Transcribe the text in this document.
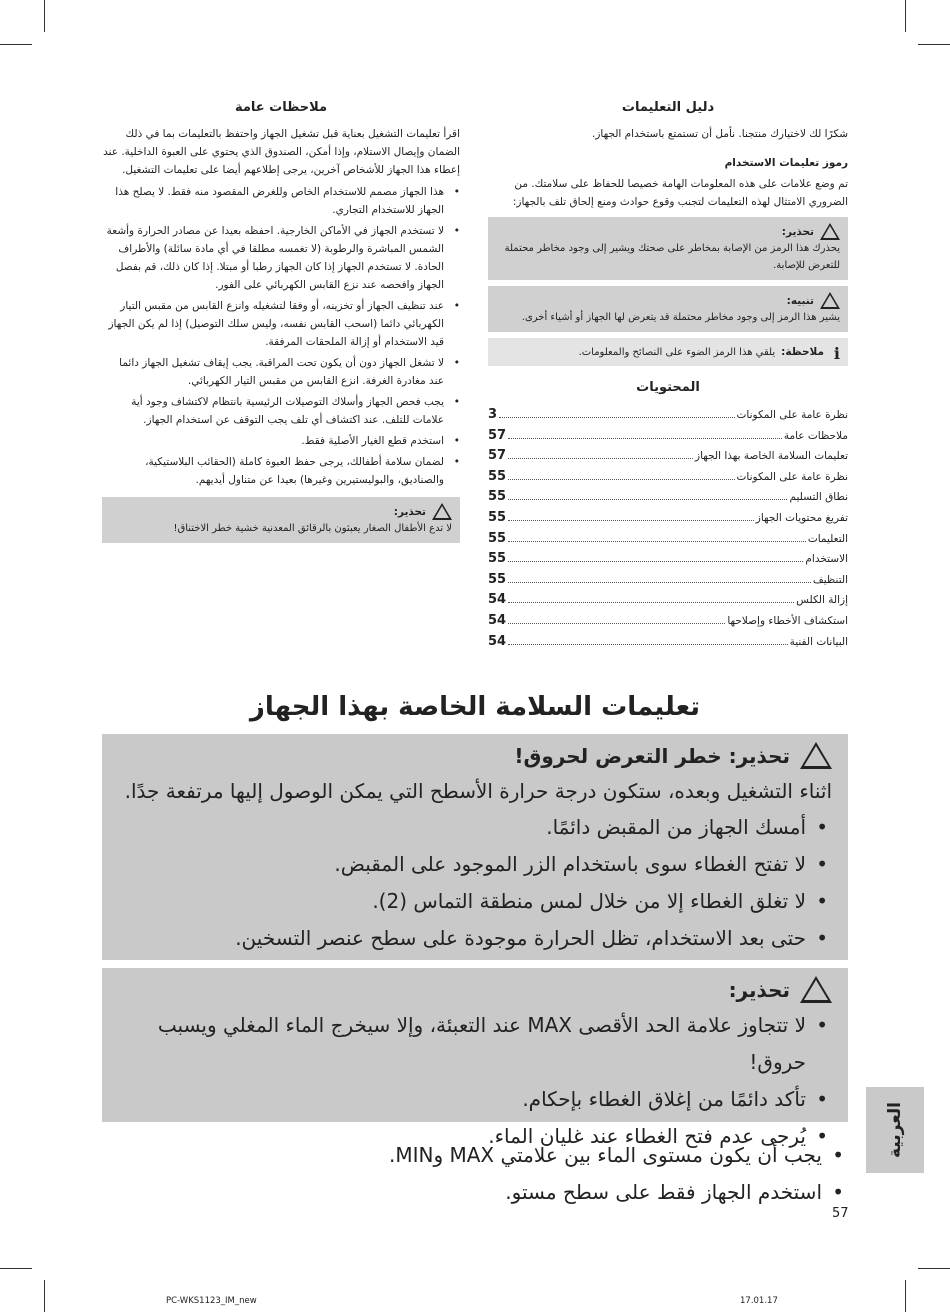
دليل التعليمات
شكرًا لك لاختيارك منتجنا. نأمل أن تستمتع باستخدام الجهاز.
رموز تعليمات الاستخدام
تم وضع علامات على هذه المعلومات الهامة خصيصا للحفاظ على سلامتك. من الضروري الامتثال لهذه التعليمات لتجنب وقوع حوادث ومنع إلحاق تلف بالجهاز:
تحذير:
يحذرك هذا الرمز من الإصابة بمخاطر على صحتك ويشير إلى وجود مخاطر محتملة للتعرض للإصابة.
تنبيه:
يشير هذا الرمز إلى وجود مخاطر محتملة قد يتعرض لها الجهاز أو أشياء أخرى.
i
ملاحظة:
يلقي هذا الرمز الضوء على النصائح والمعلومات.
المحتويات
نظرة عامة على المكونات
3
ملاحظات عامة
57
تعليمات السلامة الخاصة بهذا الجهاز
57
نظرة عامة على المكونات
55
نطاق التسليم
55
تفريغ محتويات الجهاز
55
التعليمات
55
الاستخدام
55
التنظيف
55
إزالة الكلس
54
استكشاف الأخطاء وإصلاحها
54
البيانات الفنية
54
ملاحظات عامة
اقرأ تعليمات التشغيل بعناية قبل تشغيل الجهاز واحتفظ بالتعليمات بما في ذلك الضمان وإيصال الاستلام، وإذا أمكن، الصندوق الذي يحتوي على العبوة الداخلية. عند إعطاء هذا الجهاز للأشخاص آخرين، يرجى إطلاعهم أيضا على تعليمات التشغيل.
• هذا الجهاز مصمم للاستخدام الخاص وللغرض المقصود منه فقط. لا يصلح هذا الجهاز للاستخدام التجاري.
• لا تستخدم الجهاز في الأماكن الخارجية. احفظه بعيدا عن مصادر الحرارة وأشعة الشمس المباشرة والرطوبة (لا تغمسه مطلقا في أي مادة سائلة) والأطراف الحادة. لا تستخدم الجهاز إذا كان الجهاز رطبا أو مبتلا. إذا كان ذلك، قم بفصل الجهاز وافحصه عند نزع القابس الكهربائي على الفور.
• عند تنظيف الجهاز أو تخزينه، أو وفقا لتشغيله وانزع القابس من مقبس التيار الكهربائي دائما (اسحب القابس نفسه، وليس سلك التوصيل) إذا لم يكن الجهاز قيد الاستخدام أو إزالة الملحقات المرفقة.
• لا تشغل الجهاز دون أن يكون تحت المراقبة. يجب إيقاف تشغيل الجهاز دائما عند مغادرة الغرفة. انزع القابس من مقبس التيار الكهربائي.
• يجب فحص الجهاز وأسلاك التوصيلات الرئيسية بانتظام لاكتشاف وجود أية علامات للتلف. عند اكتشاف أي تلف يجب التوقف عن استخدام الجهاز.
• استخدم قطع الغيار الأصلية فقط.
• لضمان سلامة أطفالك، يرجى حفظ العبوة كاملة (الحقائب البلاستيكية، والصناديق، والبوليستيرين وغيرها) بعيدا عن متناول أيديهم.
تحذير:
لا تدع الأطفال الصغار يعبثون بالرقائق المعدنية خشية خطر الاختناق!
تعليمات السلامة الخاصة بهذا الجهاز
تحذير: خطر التعرض لحروق!
اثناء التشغيل وبعده، ستكون درجة حرارة الأسطح التي يمكن الوصول إليها مرتفعة جدًا.
• أمسك الجهاز من المقبض دائمًا.
• لا تفتح الغطاء سوى باستخدام الزر الموجود على المقبض.
• لا تغلق الغطاء إلا من خلال لمس منطقة التماس (2).
• حتى بعد الاستخدام، تظل الحرارة موجودة على سطح عنصر التسخين.
تحذير:
• لا تتجاوز علامة الحد الأقصى MAX عند التعبئة، وإلا سيخرج الماء المغلي ويسبب حروق!
• تأكد دائمًا من إغلاق الغطاء بإحكام.
• يُرجى عدم فتح الغطاء عند غليان الماء.
• يجب أن يكون مستوى الماء بين علامتي MAX وMIN.
• استخدم الجهاز فقط على سطح مستو.
العربية
57
PC-WKS1123_IM_new	17.01.17
